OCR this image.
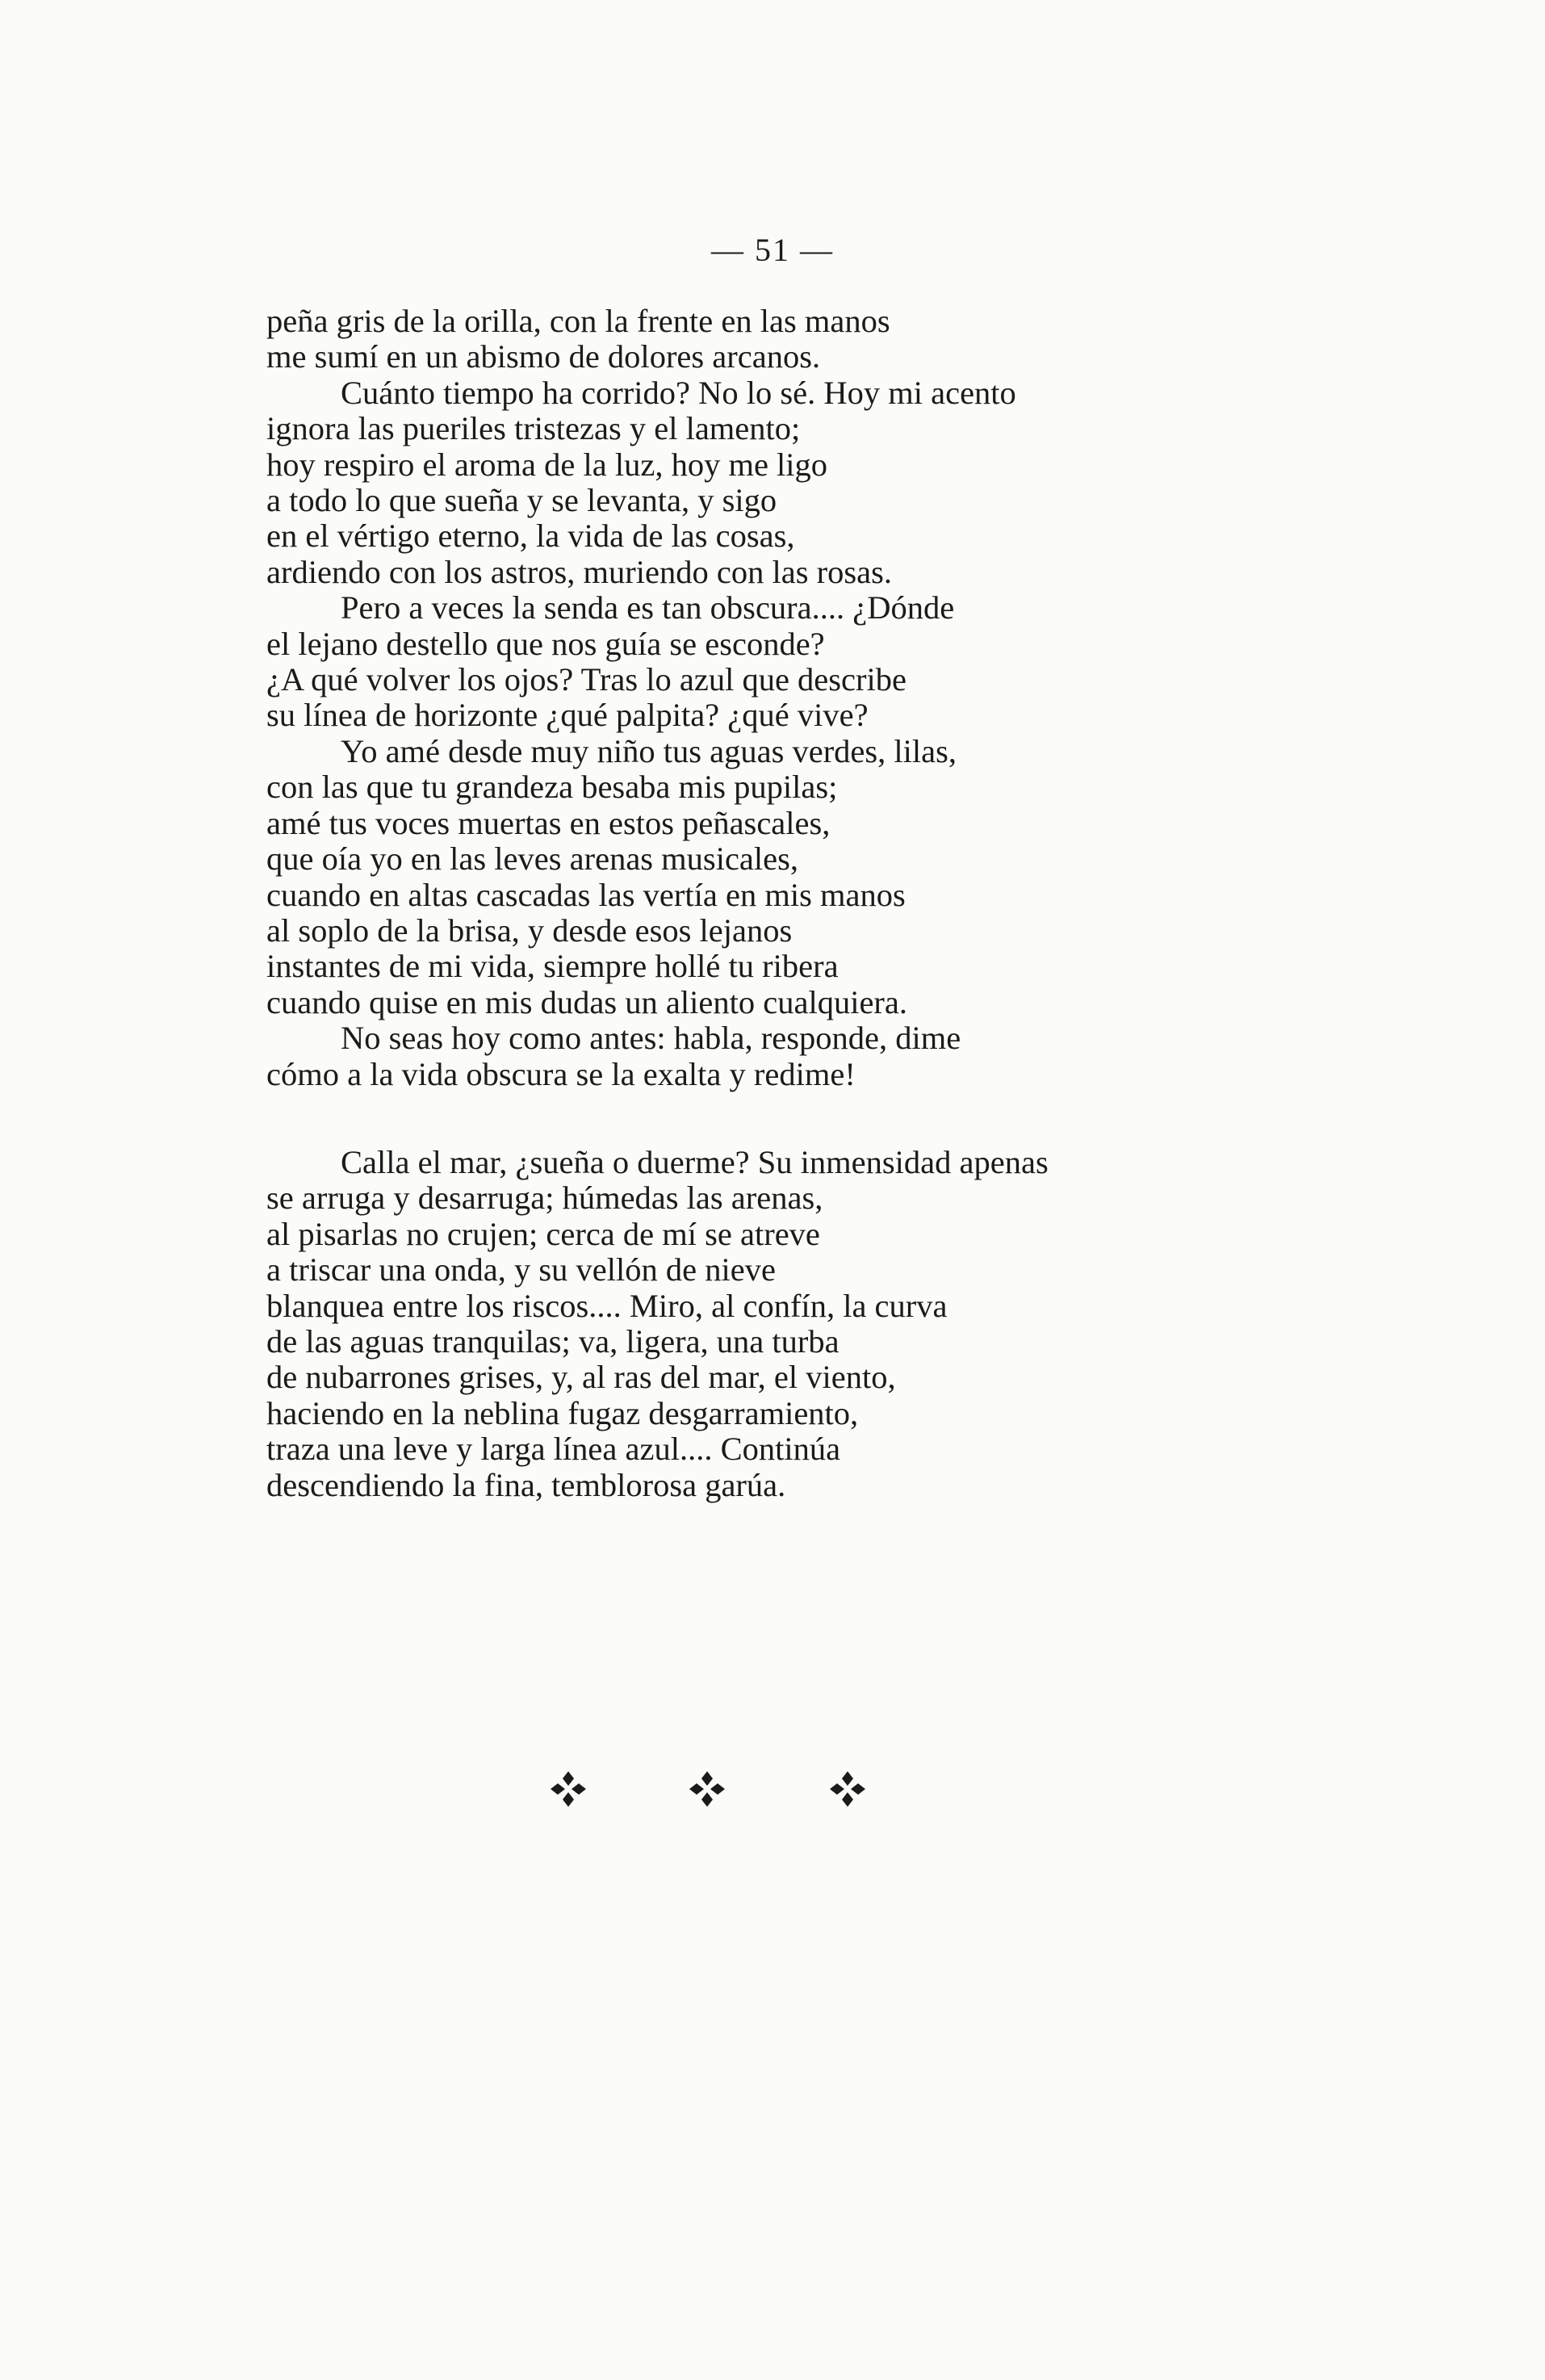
— 51 —
peña gris de la orilla, con la frente en las manos
me sumí en un abismo de dolores arcanos.
Cuánto tiempo ha corrido? No lo sé. Hoy mi acento
ignora las pueriles tristezas y el lamento;
hoy respiro el aroma de la luz, hoy me ligo
a todo lo que sueña y se levanta, y sigo
en el vértigo eterno, la vida de las cosas,
ardiendo con los astros, muriendo con las rosas.
Pero a veces la senda es tan obscura.... ¿Dónde
el lejano destello que nos guía se esconde?
¿A qué volver los ojos? Tras lo azul que describe
su línea de horizonte ¿qué palpita? ¿qué vive?
Yo amé desde muy niño tus aguas verdes, lilas,
con las que tu grandeza besaba mis pupilas;
amé tus voces muertas en estos peñascales,
que oía yo en las leves arenas musicales,
cuando en altas cascadas las vertía en mis manos
al soplo de la brisa, y desde esos lejanos
instantes de mi vida, siempre hollé tu ribera
cuando quise en mis dudas un aliento cualquiera.
No seas hoy como antes: habla, responde, dime
cómo a la vida obscura se la exalta y redime!
Calla el mar, ¿sueña o duerme? Su inmensidad apenas
se arruga y desarruga; húmedas las arenas,
al pisarlas no crujen; cerca de mí se atreve
a triscar una onda, y su vellón de nieve
blanquea entre los riscos.... Miro, al confín, la curva
de las aguas tranquilas; va, ligera, una turba
de nubarrones grises, y, al ras del mar, el viento,
haciendo en la neblina fugaz desgarramiento,
traza una leve y larga línea azul.... Continúa
descendiendo la fina, temblorosa garúa.
